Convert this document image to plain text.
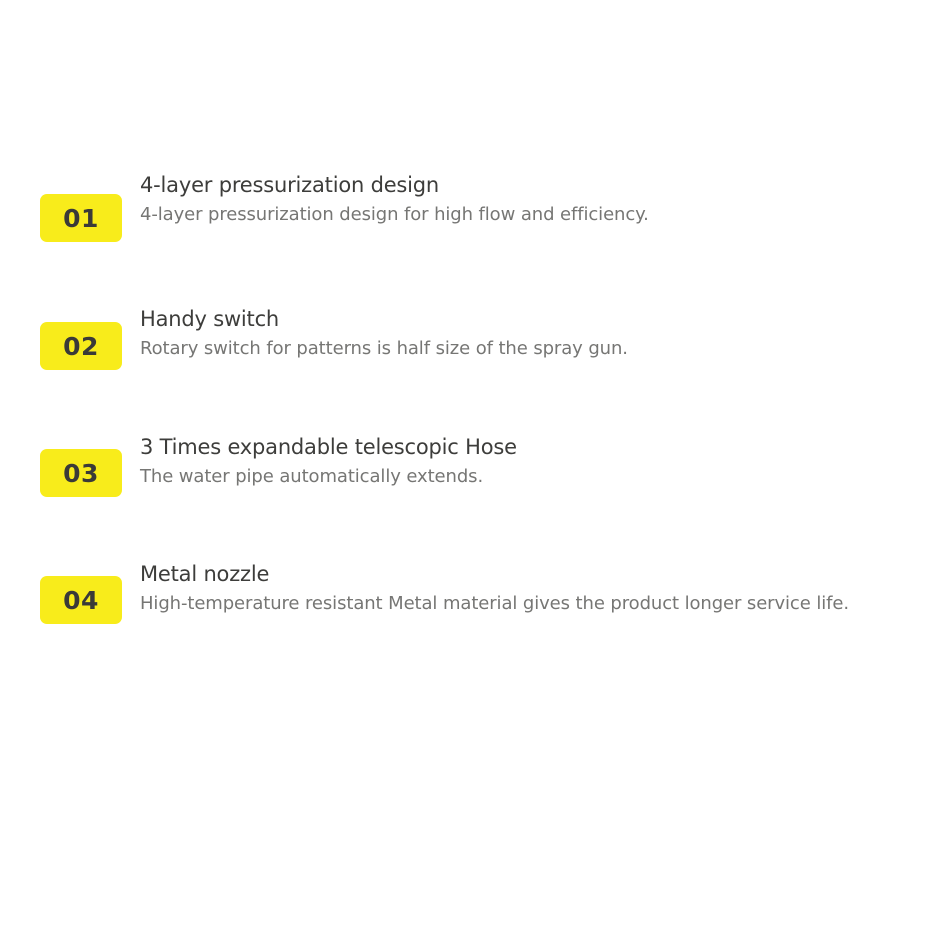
01
4-layer pressurization design
4-layer pressurization design for high flow and efficiency.
02
Handy switch
Rotary switch for patterns is half size of the spray gun.
03
3 Times expandable telescopic Hose
The water pipe automatically extends.
04
Metal nozzle
High-temperature resistant Metal material gives the product longer service life.
